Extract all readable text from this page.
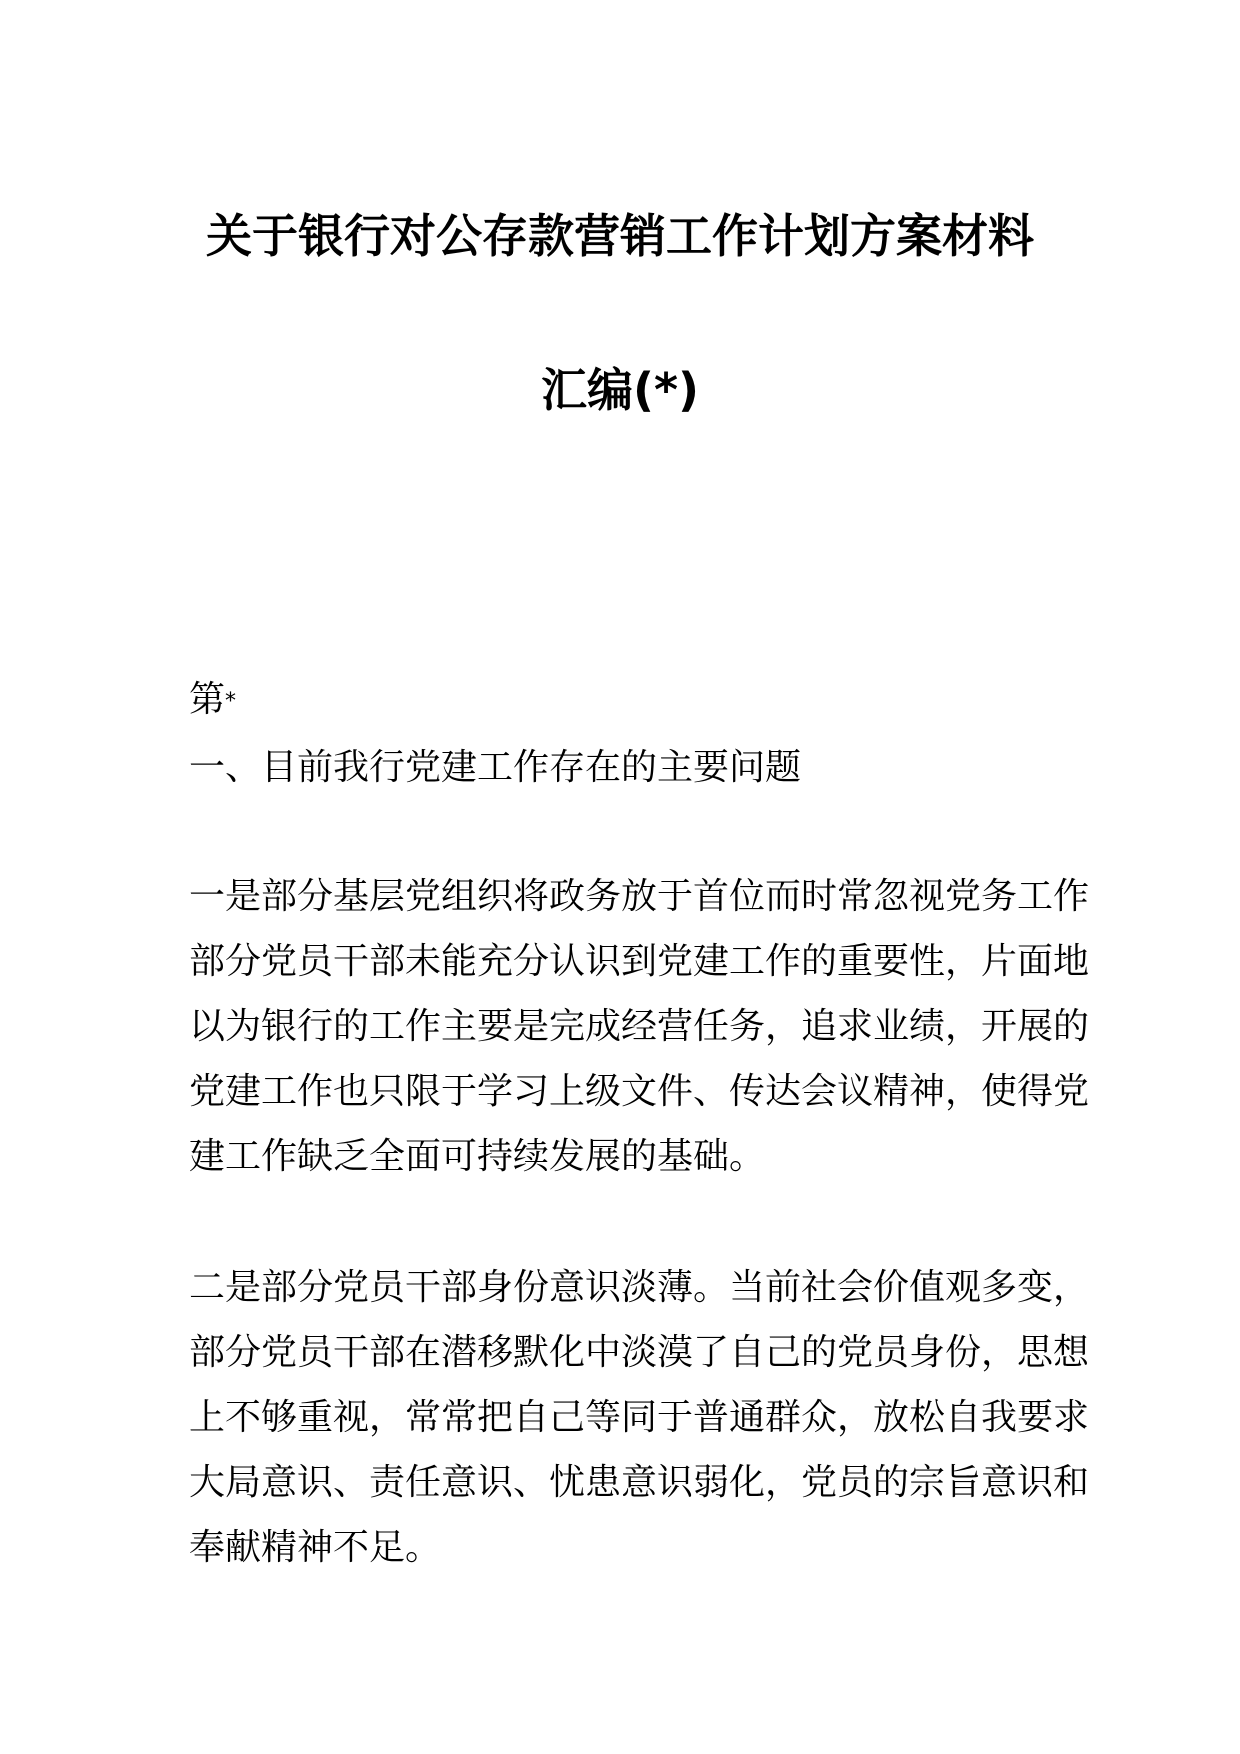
关于银行对公存款营销工作计划方案材料
汇编(*)
第*
一、目前我行党建工作存在的主要问题
一是部分基层党组织将政务放于首位而时常忽视党务工作
部分党员干部未能充分认识到党建工作的重要性，片面地
以为银行的工作主要是完成经营任务，追求业绩，开展的
党建工作也只限于学习上级文件、传达会议精神，使得党
建工作缺乏全面可持续发展的基础。
二是部分党员干部身份意识淡薄。当前社会价值观多变，
部分党员干部在潜移默化中淡漠了自己的党员身份，思想
上不够重视，常常把自己等同于普通群众，放松自我要求
大局意识、责任意识、忧患意识弱化，党员的宗旨意识和
奉献精神不足。
